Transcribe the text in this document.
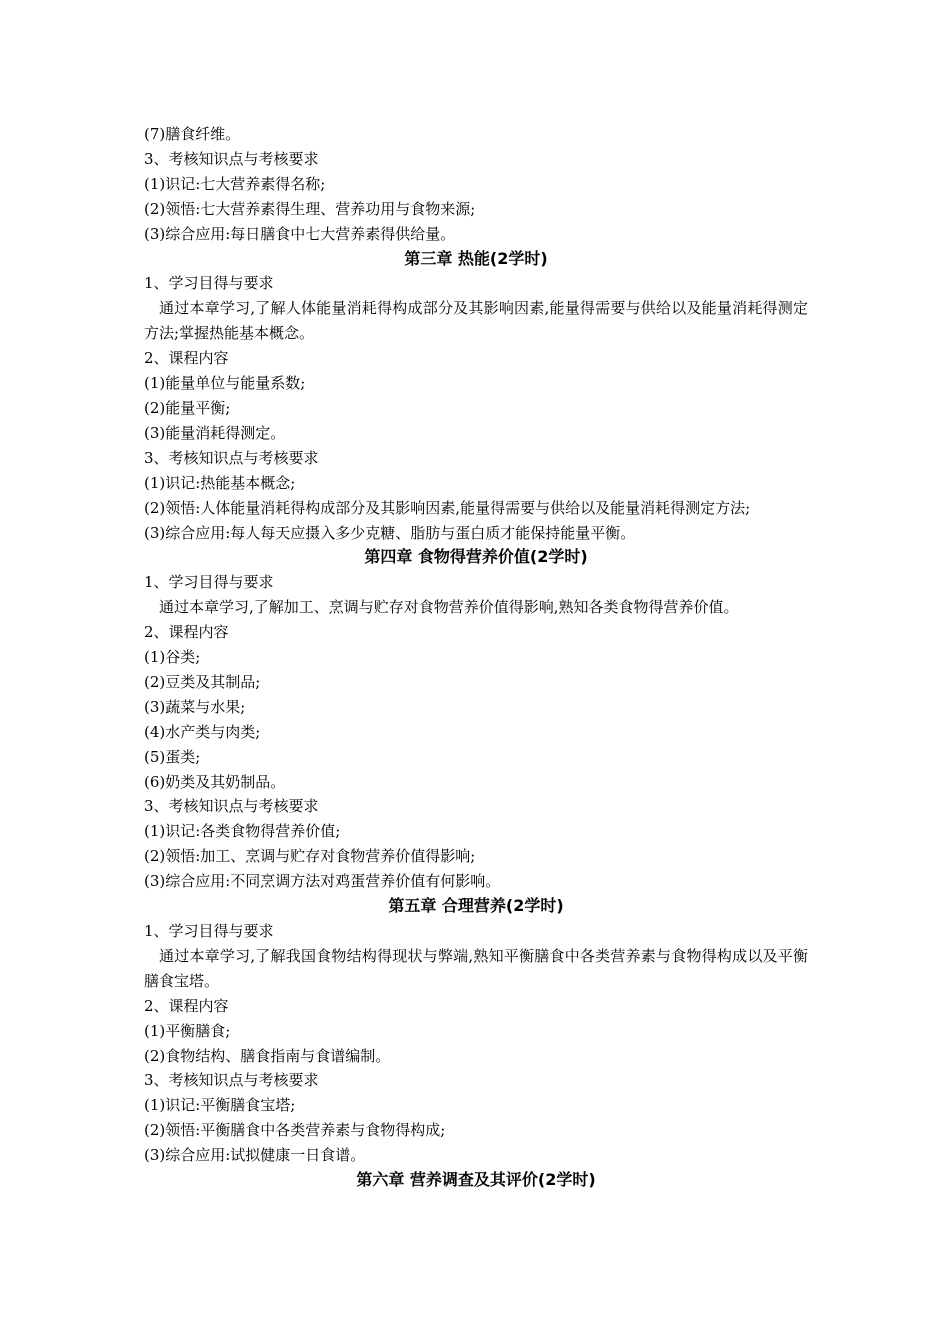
(7)膳食纤维。
3、考核知识点与考核要求
(1)识记:七大营养素得名称;
(2)领悟:七大营养素得生理、营养功用与食物来源;
(3)综合应用:每日膳食中七大营养素得供给量。
第三章 热能(2学时)
1、学习目得与要求
通过本章学习,了解人体能量消耗得构成部分及其影响因素,能量得需要与供给以及能量消耗得测定方法;掌握热能基本概念。
2、课程内容
(1)能量单位与能量系数;
(2)能量平衡;
(3)能量消耗得测定。
3、考核知识点与考核要求
(1)识记:热能基本概念;
(2)领悟:人体能量消耗得构成部分及其影响因素,能量得需要与供给以及能量消耗得测定方法;
(3)综合应用:每人每天应摄入多少克糖、脂肪与蛋白质才能保持能量平衡。
第四章 食物得营养价值(2学时)
1、学习目得与要求
通过本章学习,了解加工、烹调与贮存对食物营养价值得影响,熟知各类食物得营养价值。
2、课程内容
(1)谷类;
(2)豆类及其制品;
(3)蔬菜与水果;
(4)水产类与肉类;
(5)蛋类;
(6)奶类及其奶制品。
3、考核知识点与考核要求
(1)识记:各类食物得营养价值;
(2)领悟:加工、烹调与贮存对食物营养价值得影响;
(3)综合应用:不同烹调方法对鸡蛋营养价值有何影响。
第五章 合理营养(2学时)
1、学习目得与要求
通过本章学习,了解我国食物结构得现状与弊端,熟知平衡膳食中各类营养素与食物得构成以及平衡膳食宝塔。
2、课程内容
(1)平衡膳食;
(2)食物结构、膳食指南与食谱编制。
3、考核知识点与考核要求
(1)识记:平衡膳食宝塔;
(2)领悟:平衡膳食中各类营养素与食物得构成;
(3)综合应用:试拟健康一日食谱。
第六章 营养调查及其评价(2学时)
